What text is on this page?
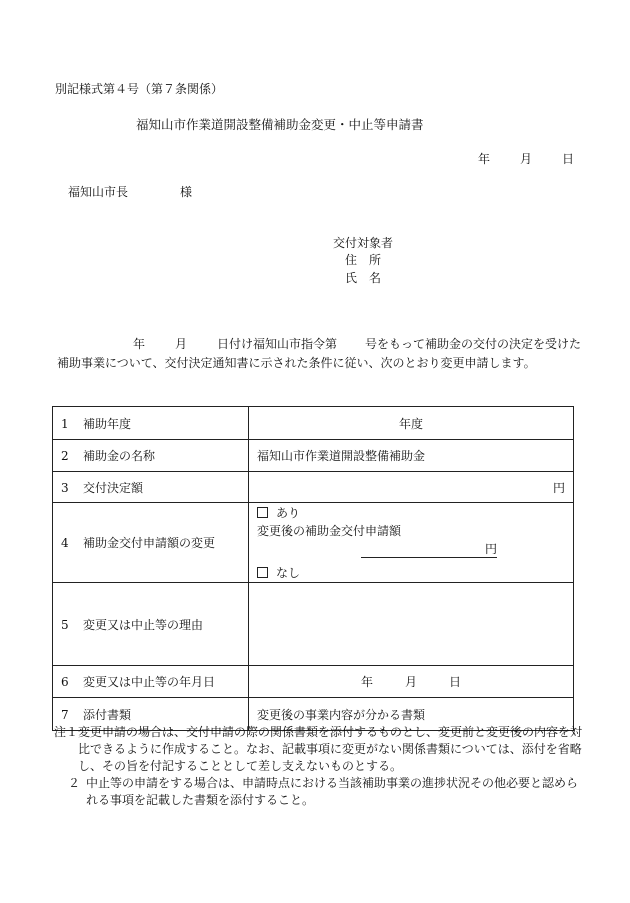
別記様式第４号（第７条関係）
福知山市作業道開設整備補助金変更・中止等申請書
年	月	日
福知山市長	様
交付対象者
住　所
氏　名
年	月	日付け福知山市指令第 号をもって補助金の交付の決定を受けた補助事業について、交付決定通知書に示された条件に従い、次のとおり変更申請します。
1 補助年度	年度
2 補助金の名称	福知山市作業道開設整備補助金
3 交付決定額	円
4 補助金交付申請額の変更	あり
変更後の補助金交付申請額
円
なし

5 変更又は中止等の理由	
6 変更又は中止等の年月日	年 月 日
7 添付書類	変更後の事業内容が分かる書類
注１ 変更申請の場合は、交付申請の際の関係書類を添付するものとし、変更前と変更後の内容を対比できるように作成すること。なお、記載事項に変更がない関係書類については、添付を省略し、その旨を付記することとして差し支えないものとする。
２ 中止等の申請をする場合は、申請時点における当該補助事業の進捗状況その他必要と認められる事項を記載した書類を添付すること。
